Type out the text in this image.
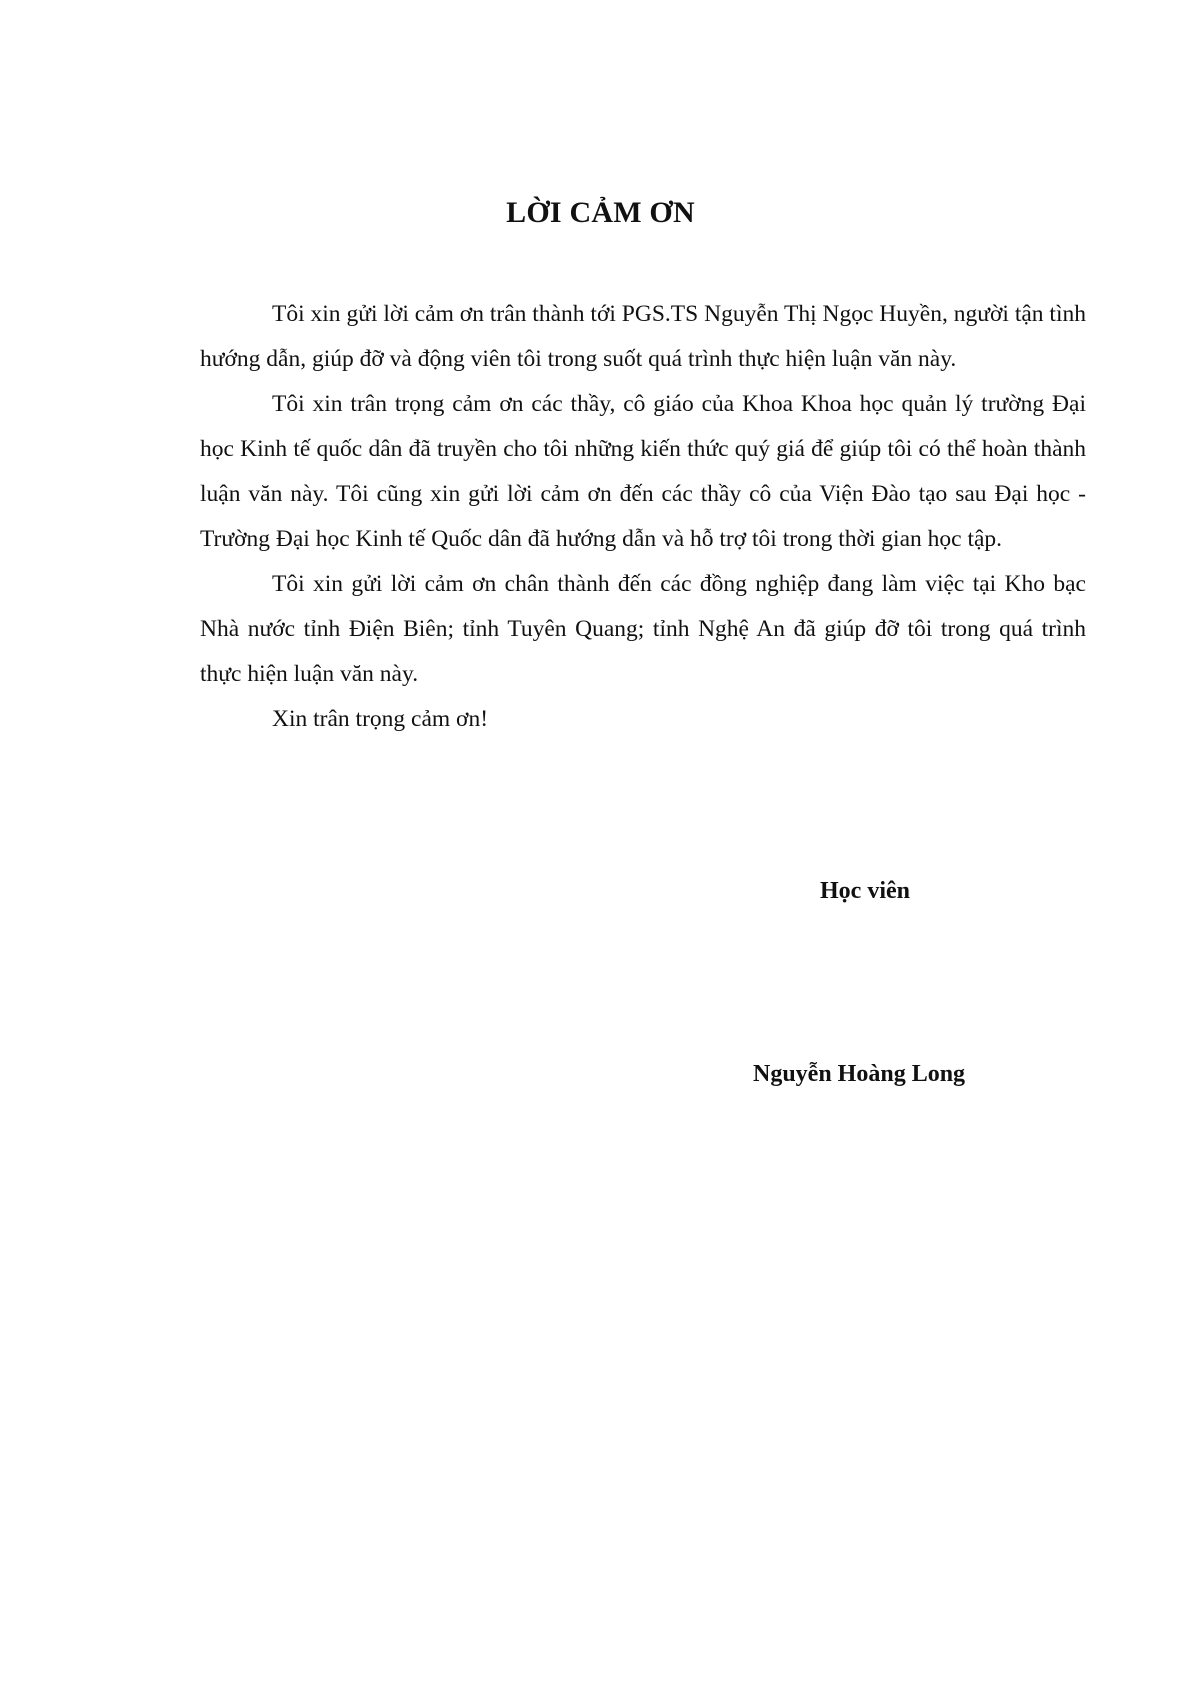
LỜI CẢM ƠN

Tôi xin gửi lời cảm ơn trân thành tới PGS.TS Nguyễn Thị Ngọc Huyền, người tận tình hướng dẫn, giúp đỡ và động viên tôi trong suốt quá trình thực hiện luận văn này.

Tôi xin trân trọng cảm ơn các thầy, cô giáo của Khoa Khoa học quản lý trường Đại học Kinh tế quốc dân đã truyền cho tôi những kiến thức quý giá để giúp tôi có thể hoàn thành luận văn này. Tôi cũng xin gửi lời cảm ơn đến các thầy cô của Viện Đào tạo sau Đại học - Trường Đại học Kinh tế Quốc dân đã hướng dẫn và hỗ trợ tôi trong thời gian học tập.

Tôi xin gửi lời cảm ơn chân thành đến các đồng nghiệp đang làm việc tại Kho bạc Nhà nước tỉnh Điện Biên; tỉnh Tuyên Quang; tỉnh Nghệ An đã giúp đỡ tôi trong quá trình thực hiện luận văn này.

Xin trân trọng cảm ơn!

Học viên
Nguyễn Hoàng Long
